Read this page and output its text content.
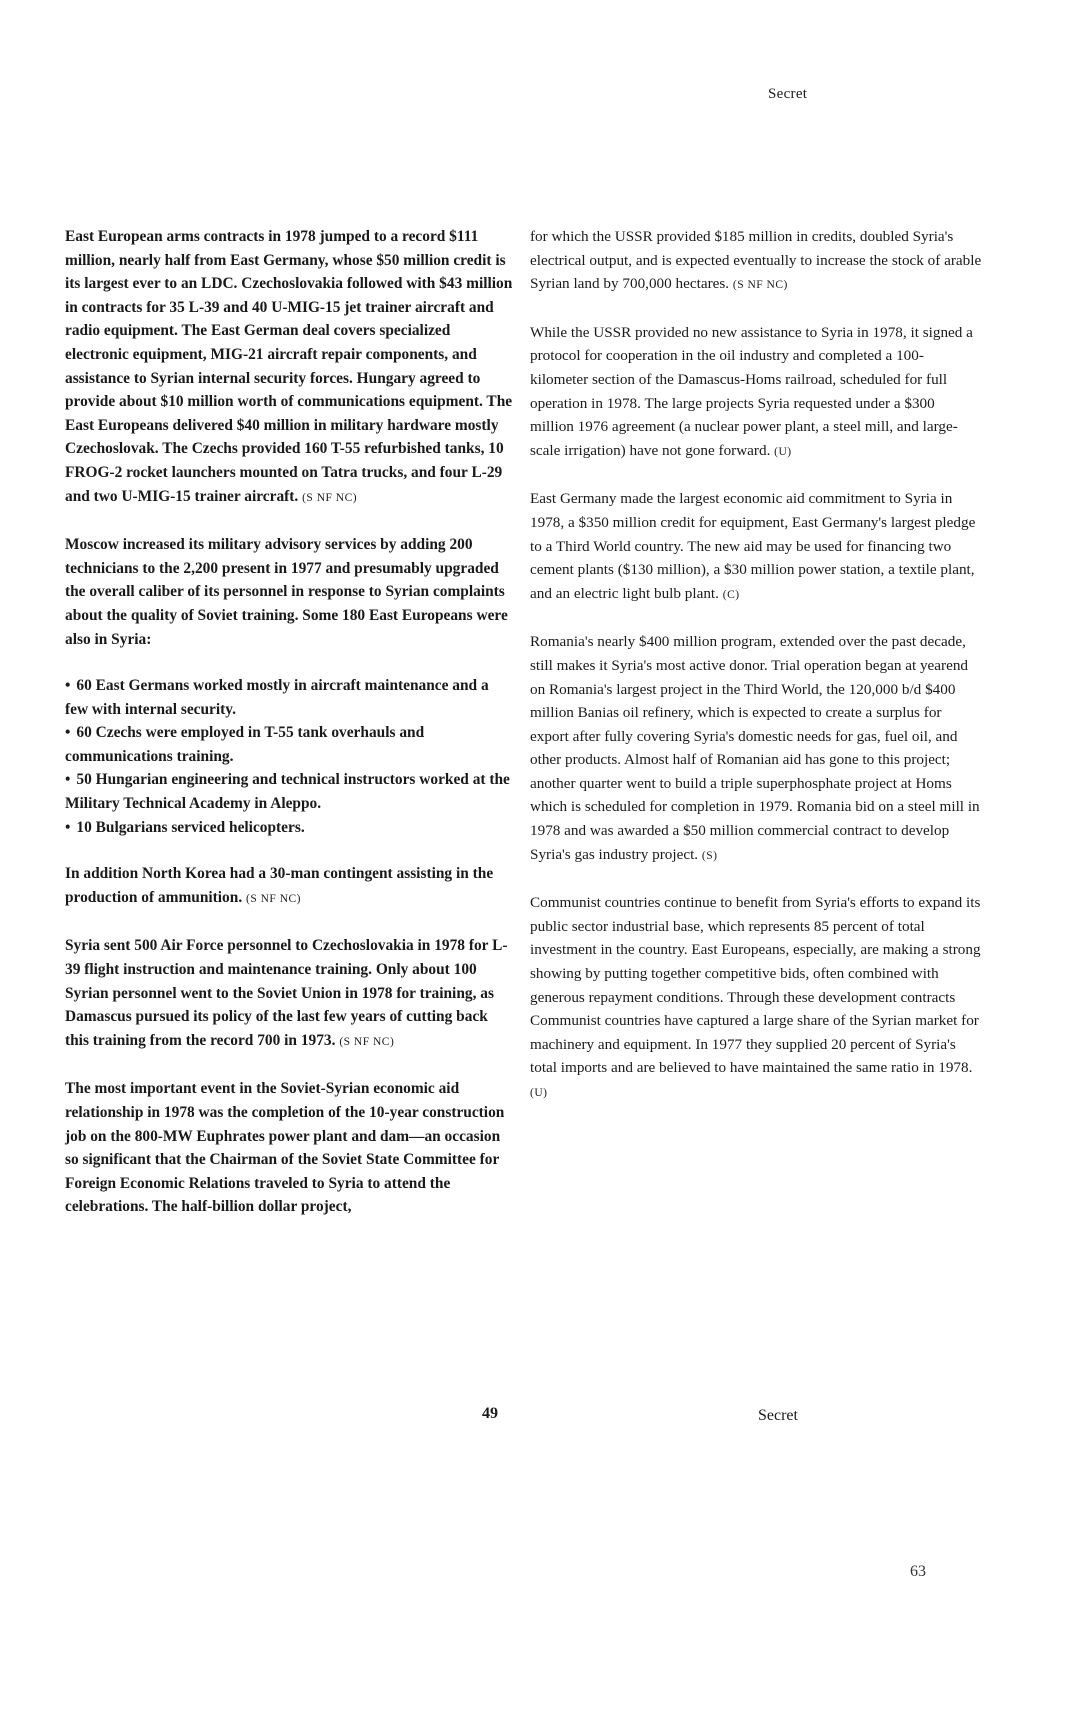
Secret

East European arms contracts in 1978 jumped to a record $111 million, nearly half from East Germany, whose $50 million credit is its largest ever to an LDC. Czechoslovakia followed with $43 million in contracts for 35 L-39 and 40 U-MIG-15 jet trainer aircraft and radio equipment. The East German deal covers specialized electronic equipment, MIG-21 aircraft repair components, and assistance to Syrian internal security forces. Hungary agreed to provide about $10 million worth of communications equipment. The East Europeans delivered $40 million in military hardware mostly Czechoslovak. The Czechs provided 160 T-55 refurbished tanks, 10 FROG-2 rocket launchers mounted on Tatra trucks, and four L-29 and two U-MIG-15 trainer aircraft. (S NF NC)

Moscow increased its military advisory services by adding 200 technicians to the 2,200 present in 1977 and presumably upgraded the overall caliber of its personnel in response to Syrian complaints about the quality of Soviet training. Some 180 East Europeans were also in Syria:

• 60 East Germans worked mostly in aircraft maintenance and a few with internal security.
• 60 Czechs were employed in T-55 tank overhauls and communications training.
• 50 Hungarian engineering and technical instructors worked at the Military Technical Academy in Aleppo.
• 10 Bulgarians serviced helicopters.

In addition North Korea had a 30-man contingent assisting in the production of ammunition. (S NF NC)

Syria sent 500 Air Force personnel to Czechoslovakia in 1978 for L-39 flight instruction and maintenance training. Only about 100 Syrian personnel went to the Soviet Union in 1978 for training, as Damascus pursued its policy of the last few years of cutting back this training from the record 700 in 1973. (S NF NC)

The most important event in the Soviet-Syrian economic aid relationship in 1978 was the completion of the 10-year construction job on the 800-MW Euphrates power plant and dam—an occasion so significant that the Chairman of the Soviet State Committee for Foreign Economic Relations traveled to Syria to attend the celebrations. The half-billion dollar project,

for which the USSR provided $185 million in credits, doubled Syria's electrical output, and is expected eventually to increase the stock of arable Syrian land by 700,000 hectares. (S NF NC)

While the USSR provided no new assistance to Syria in 1978, it signed a protocol for cooperation in the oil industry and completed a 100-kilometer section of the Damascus-Homs railroad, scheduled for full operation in 1978. The large projects Syria requested under a $300 million 1976 agreement (a nuclear power plant, a steel mill, and large-scale irrigation) have not gone forward. (U)

East Germany made the largest economic aid commitment to Syria in 1978, a $350 million credit for equipment, East Germany's largest pledge to a Third World country. The new aid may be used for financing two cement plants ($130 million), a $30 million power station, a textile plant, and an electric light bulb plant. (C)

Romania's nearly $400 million program, extended over the past decade, still makes it Syria's most active donor. Trial operation began at yearend on Romania's largest project in the Third World, the 120,000 b/d $400 million Banias oil refinery, which is expected to create a surplus for export after fully covering Syria's domestic needs for gas, fuel oil, and other products. Almost half of Romanian aid has gone to this project; another quarter went to build a triple superphosphate project at Homs which is scheduled for completion in 1979. Romania bid on a steel mill in 1978 and was awarded a $50 million commercial contract to develop Syria's gas industry project. (S)

Communist countries continue to benefit from Syria's efforts to expand its public sector industrial base, which represents 85 percent of total investment in the country. East Europeans, especially, are making a strong showing by putting together competitive bids, often combined with generous repayment conditions. Through these development contracts Communist countries have captured a large share of the Syrian market for machinery and equipment. In 1977 they supplied 20 percent of Syria's total imports and are believed to have maintained the same ratio in 1978. (U)

49	Secret
63
